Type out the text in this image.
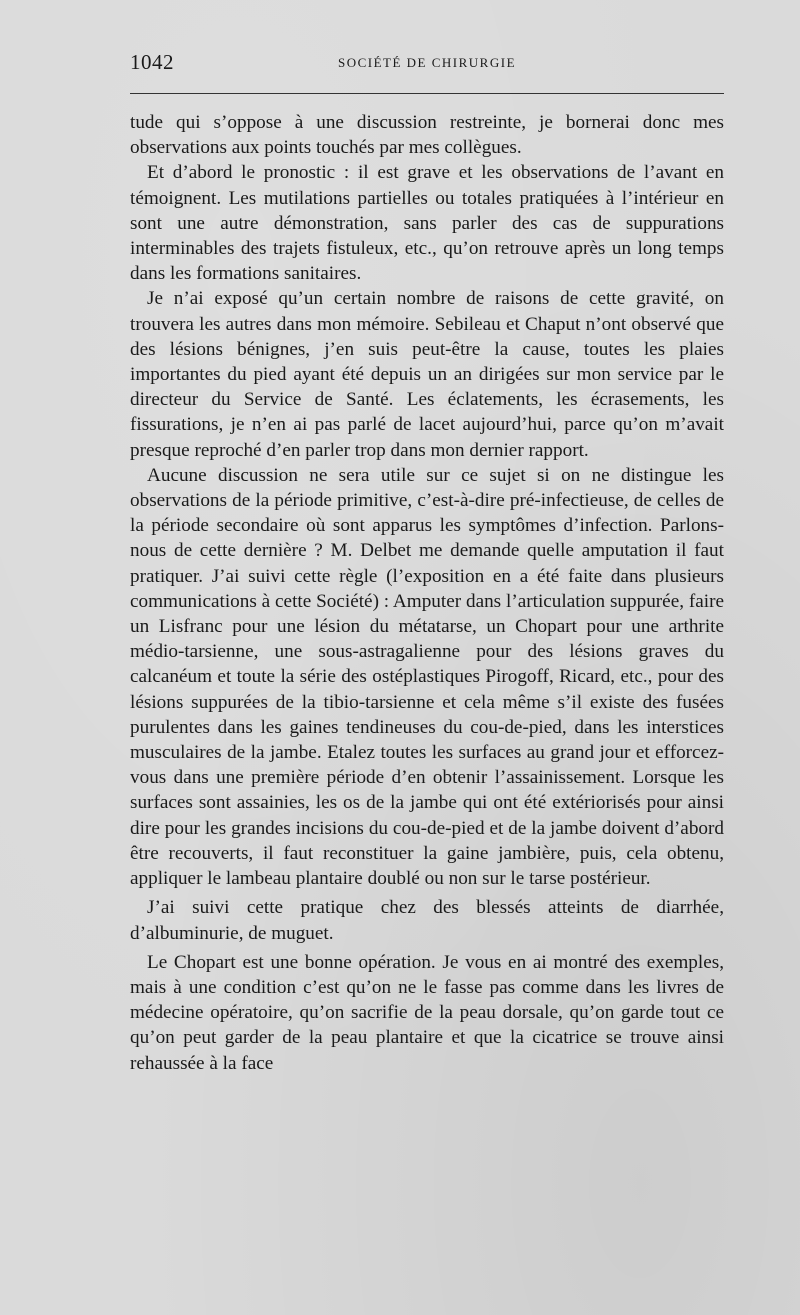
1042	SOCIÉTÉ DE CHIRURGIE

tude qui s’oppose à une discussion restreinte, je bornerai donc mes observations aux points touchés par mes collègues.

Et d’abord le pronostic : il est grave et les observations de l’avant en témoignent. Les mutilations partielles ou totales pratiquées à l’intérieur en sont une autre démonstration, sans parler des cas de suppurations interminables des trajets fistuleux, etc., qu’on retrouve après un long temps dans les formations sanitaires.

Je n’ai exposé qu’un certain nombre de raisons de cette gravité, on trouvera les autres dans mon mémoire. Sebileau et Chaput n’ont observé que des lésions bénignes, j’en suis peut-être la cause, toutes les plaies importantes du pied ayant été depuis un an dirigées sur mon service par le directeur du Service de Santé. Les éclatements, les écrasements, les fissurations, je n’en ai pas parlé de lacet aujourd’hui, parce qu’on m’avait presque reproché d’en parler trop dans mon dernier rapport.

Aucune discussion ne sera utile sur ce sujet si on ne distingue les observations de la période primitive, c’est-à-dire pré-infectieuse, de celles de la période secondaire où sont apparus les symptômes d’infection. Parlons-nous de cette dernière ? M. Delbet me demande quelle amputation il faut pratiquer. J’ai suivi cette règle (l’exposition en a été faite dans plusieurs communications à cette Société) : Amputer dans l’articulation suppurée, faire un Lisfranc pour une lésion du métatarse, un Chopart pour une arthrite médio-tarsienne, une sous-astragalienne pour des lésions graves du calcanéum et toute la série des ostéplastiques Pirogoff, Ricard, etc., pour des lésions suppurées de la tibio-tarsienne et cela même s’il existe des fusées purulentes dans les gaines tendineuses du cou-de-pied, dans les interstices musculaires de la jambe. Etalez toutes les surfaces au grand jour et efforcez-vous dans une première période d’en obtenir l’assainissement. Lorsque les surfaces sont assainies, les os de la jambe qui ont été extériorisés pour ainsi dire pour les grandes incisions du cou-de-pied et de la jambe doivent d’abord être recouverts, il faut reconstituer la gaine jambière, puis, cela obtenu, appliquer le lambeau plantaire doublé ou non sur le tarse postérieur.

J’ai suivi cette pratique chez des blessés atteints de diarrhée, d’albuminurie, de muguet.

Le Chopart est une bonne opération. Je vous en ai montré des exemples, mais à une condition c’est qu’on ne le fasse pas comme dans les livres de médecine opératoire, qu’on sacrifie de la peau dorsale, qu’on garde tout ce qu’on peut garder de la peau plantaire et que la cicatrice se trouve ainsi rehaussée à la face
